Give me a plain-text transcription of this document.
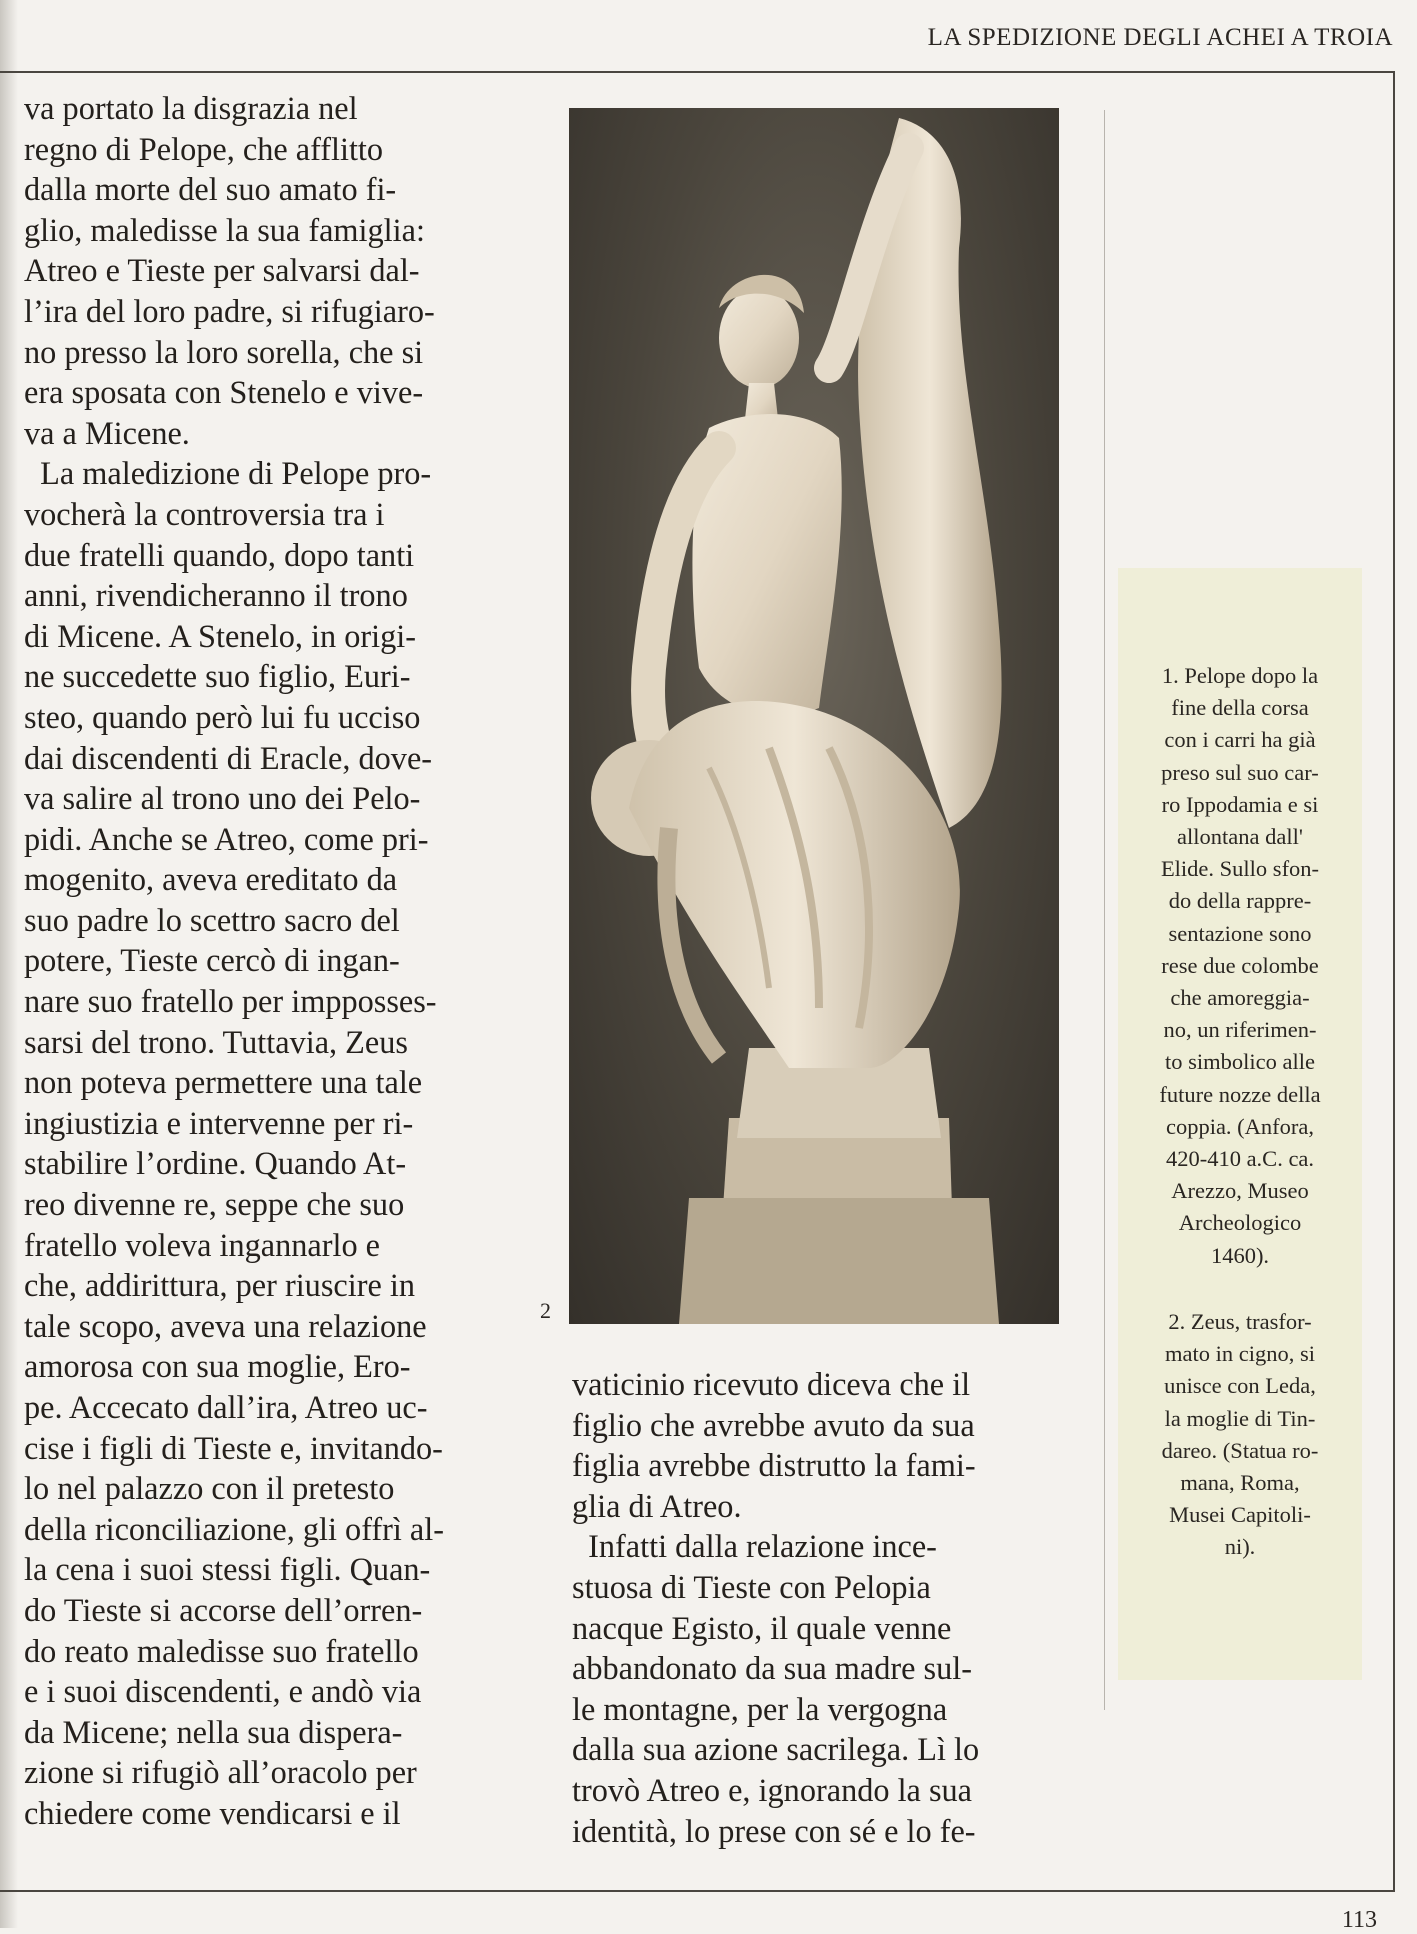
LA SPEDIZIONE DEGLI ACHEI A TROIA

va portato la disgrazia nel

regno di Pelope, che afflitto

dalla morte del suo amato fi-

glio, maledisse la sua famiglia:

Atreo e Tieste per salvarsi dal-

l’ira del loro padre, si rifugiaro-

no presso la loro sorella, che si

era sposata con Stenelo e vive-

va a Micene.

La maledizione di Pelope pro-

vocherà la controversia tra i

due fratelli quando, dopo tanti

anni, rivendicheranno il trono

di Micene. A Stenelo, in origi-

ne succedette suo figlio, Euri-

steo, quando però lui fu ucciso

dai discendenti di Eracle, dove-

va salire al trono uno dei Pelo-

pidi. Anche se Atreo, come pri-

mogenito, aveva ereditato da

suo padre lo scettro sacro del

potere, Tieste cercò di ingan-

nare suo fratello per impposses-

sarsi del trono. Tuttavia, Zeus

non poteva permettere una tale

ingiustizia e intervenne per ri-

stabilire l’ordine. Quando At-

reo divenne re, seppe che suo

fratello voleva ingannarlo e

che, addirittura, per riuscire in

tale scopo, aveva una relazione

amorosa con sua moglie, Ero-

pe. Accecato dall’ira, Atreo uc-

cise i figli di Tieste e, invitando-

lo nel palazzo con il pretesto

della riconciliazione, gli offrì al-

la cena i suoi stessi figli. Quan-

do Tieste si accorse dell’orren-

do reato maledisse suo fratello

e i suoi discendenti, e andò via

da Micene; nella sua dispera-

zione si rifugiò all’oracolo per

chiedere come vendicarsi e il

2

vaticinio ricevuto diceva che il

figlio che avrebbe avuto da sua

figlia avrebbe distrutto la fami-

glia di Atreo.

Infatti dalla relazione ince-

stuosa di Tieste con Pelopia

nacque Egisto, il quale venne

abbandonato da sua madre sul-

le montagne, per la vergogna

dalla sua azione sacrilega. Lì lo

trovò Atreo e, ignorando la sua

identità, lo prese con sé e lo fe-

1. Pelope dopo la
fine della corsa
con i carri ha già
preso sul suo car-
ro Ippodamia e si
allontana dall'
Elide. Sullo sfon-
do della rappre-
sentazione sono
rese due colombe
che amoreggia-
no, un riferimen-
to simbolico alle
future nozze della
coppia. (Anfora,
420-410 a.C. ca.
Arezzo, Museo
Archeologico
1460).
2. Zeus, trasfor-
mato in cigno, si
unisce con Leda,
la moglie di Tin-
dareo. (Statua ro-
mana, Roma,
Musei Capitoli-
ni).
113
